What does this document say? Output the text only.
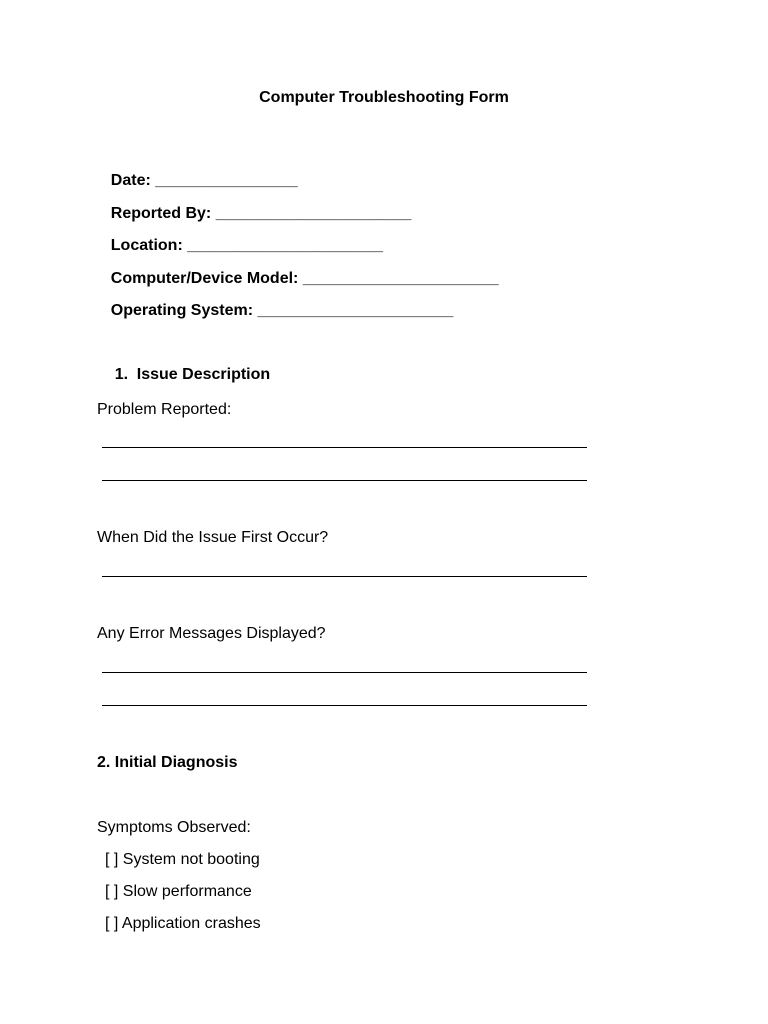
Computer Troubleshooting Form

Date: ________________

Reported By: ______________________

Location: ______________________

Computer/Device Model: ______________________

Operating System: ______________________

1. Issue Description

Problem Reported:
When Did the Issue First Occur?
Any Error Messages Displayed?
2. Initial Diagnosis
Symptoms Observed:
[ ] System not booting
[ ] Slow performance
[ ] Application crashes
